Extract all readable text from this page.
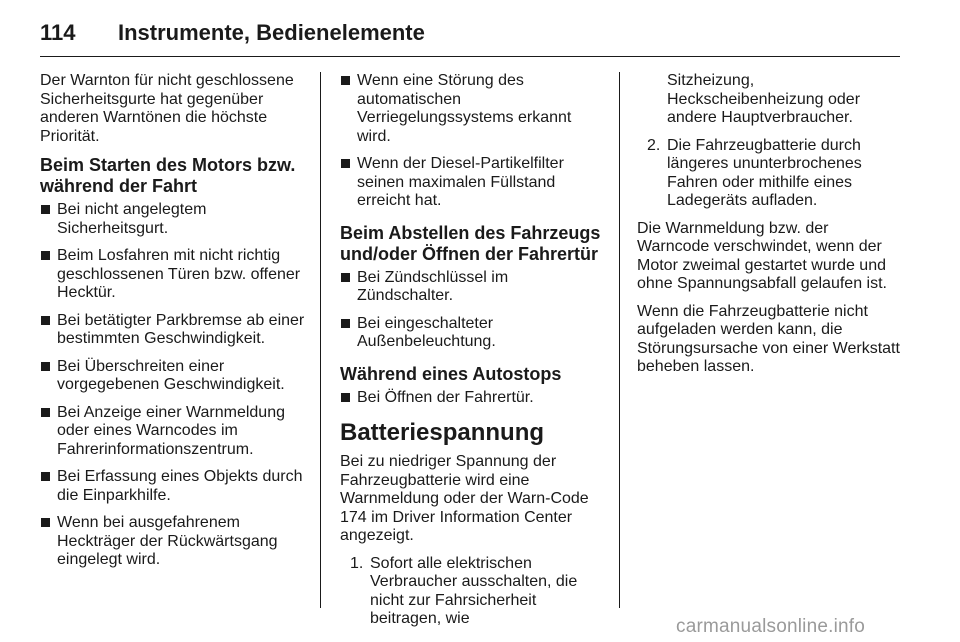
114 Instrumente, Bedienelemente

Der Warnton für nicht geschlossene Sicherheitsgurte hat gegenüber anderen Warntönen die höchste Priorität.

Beim Starten des Motors bzw. während der Fahrt
Bei nicht angelegtem Sicherheitsgurt.
Beim Losfahren mit nicht richtig geschlossenen Türen bzw. offener Hecktür.
Bei betätigter Parkbremse ab einer bestimmten Geschwindigkeit.
Bei Überschreiten einer vorgegebenen Geschwindigkeit.
Bei Anzeige einer Warnmeldung oder eines Warncodes im Fahrerinformationszentrum.
Bei Erfassung eines Objekts durch die Einparkhilfe.
Wenn bei ausgefahrenem Heckträger der Rückwärtsgang eingelegt wird.
Wenn eine Störung des automatischen Verriegelungssystems erkannt wird.
Wenn der Diesel-Partikelfilter seinen maximalen Füllstand erreicht hat.
Beim Abstellen des Fahrzeugs und/oder Öffnen der Fahrertür
Bei Zündschlüssel im Zündschalter.
Bei eingeschalteter Außenbeleuchtung.
Während eines Autostops
Bei Öffnen der Fahrertür.
Batteriespannung

Bei zu niedriger Spannung der Fahrzeugbatterie wird eine Warnmeldung oder der Warn-Code 174 im Driver Information Center angezeigt.

1. Sofort alle elektrischen Verbraucher ausschalten, die nicht zur Fahrsicherheit beitragen, wie
Sitzheizung, Heckscheibenheizung oder andere Hauptverbraucher.
2. Die Fahrzeugbatterie durch längeres ununterbrochenes Fahren oder mithilfe eines Ladegeräts aufladen.

Die Warnmeldung bzw. der Warncode verschwindet, wenn der Motor zweimal gestartet wurde und ohne Spannungsabfall gelaufen ist.

Wenn die Fahrzeugbatterie nicht aufgeladen werden kann, die Störungsursache von einer Werkstatt beheben lassen.

carmanualsonline.info
